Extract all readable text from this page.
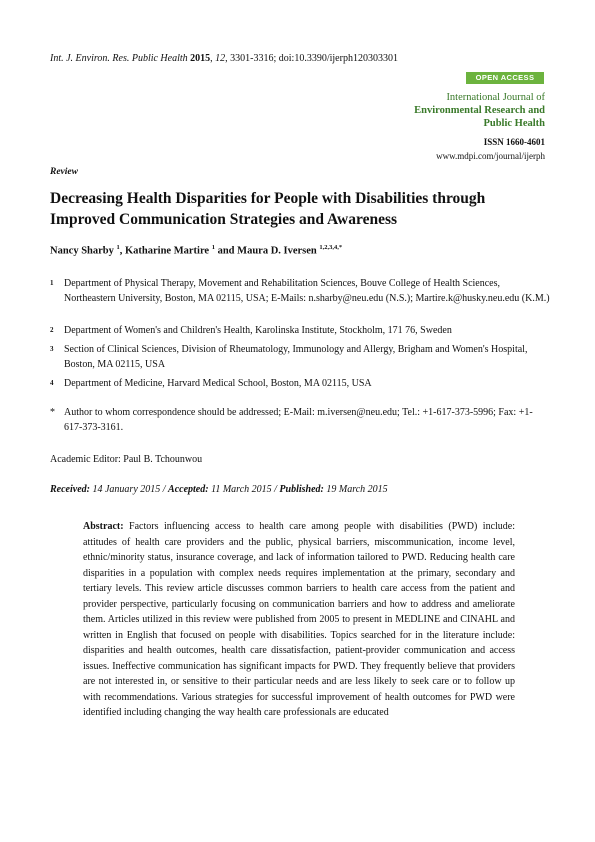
Int. J. Environ. Res. Public Health 2015, 12, 3301-3316; doi:10.3390/ijerph120303301
OPEN ACCESS
International Journal of
Environmental Research and
Public Health
ISSN 1660-4601
www.mdpi.com/journal/ijerph
Review
Decreasing Health Disparities for People with Disabilities through Improved Communication Strategies and Awareness
Nancy Sharby $^1$, Katharine Martire $^1$ and Maura D. Iversen $^{1,2,3,4,*}$
1 Department of Physical Therapy, Movement and Rehabilitation Sciences, Bouve College of Health Sciences, Northeastern University, Boston, MA 02115, USA; E-Mails: n.sharby@neu.edu (N.S.); Martire.k@husky.neu.edu (K.M.)
2 Department of Women's and Children's Health, Karolinska Institute, Stockholm, 171 76, Sweden
3 Section of Clinical Sciences, Division of Rheumatology, Immunology and Allergy, Brigham and Women's Hospital, Boston, MA 02115, USA
4 Department of Medicine, Harvard Medical School, Boston, MA 02115, USA
* Author to whom correspondence should be addressed; E-Mail: m.iversen@neu.edu; Tel.: +1-617-373-5996; Fax: +1-617-373-3161.
Academic Editor: Paul B. Tchounwou
Received: 14 January 2015 / Accepted: 11 March 2015 / Published: 19 March 2015
Abstract: Factors influencing access to health care among people with disabilities (PWD) include: attitudes of health care providers and the public, physical barriers, miscommunication, income level, ethnic/minority status, insurance coverage, and lack of information tailored to PWD. Reducing health care disparities in a population with complex needs requires implementation at the primary, secondary and tertiary levels. This review article discusses common barriers to health care access from the patient and provider perspective, particularly focusing on communication barriers and how to address and ameliorate them. Articles utilized in this review were published from 2005 to present in MEDLINE and CINAHL and written in English that focused on people with disabilities. Topics searched for in the literature include: disparities and health outcomes, health care dissatisfaction, patient-provider communication and access issues. Ineffective communication has significant impacts for PWD. They frequently believe that providers are not interested in, or sensitive to their particular needs and are less likely to seek care or to follow up with recommendations. Various strategies for successful improvement of health outcomes for PWD were identified including changing the way health care professionals are educated
